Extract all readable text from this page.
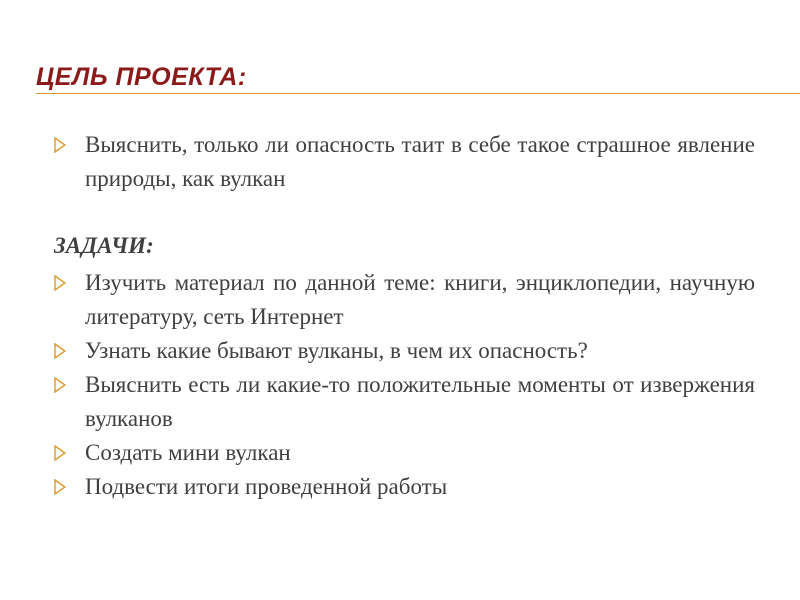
ЦЕЛЬ ПРОЕКТА:
Выяснить, только ли опасность таит в себе такое страшное явление природы, как вулкан
ЗАДАЧИ:
Изучить материал по данной теме: книги, энциклопедии, научную литературу, сеть Интернет
Узнать какие бывают вулканы, в чем их опасность?
Выяснить есть ли какие-то положительные моменты от извержения вулканов
Создать мини вулкан
Подвести итоги проведенной работы
